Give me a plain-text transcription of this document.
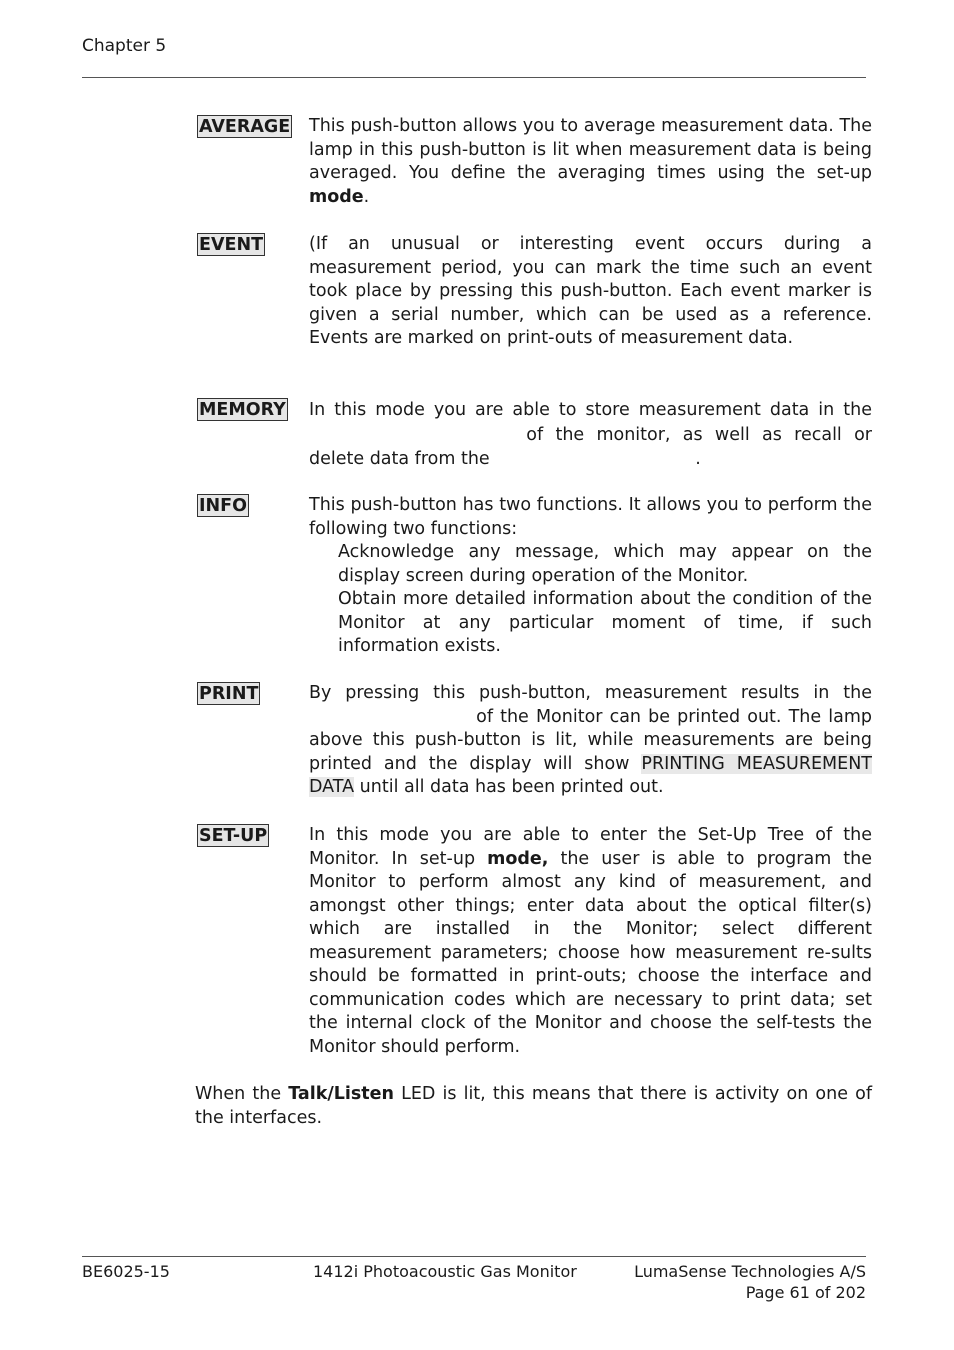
Chapter 5
AVERAGE This push-button allows you to average measurement data. The lamp in this push-button is lit when measurement data is being averaged. You define the averaging times using the set-up mode.
EVENT	(If an unusual or interesting event occurs during a measurement period, you can mark the time such an event took place by pressing this push-button. Each event marker is given a serial number, which can be used as a reference. Events are marked on print-outs of measurement data.
MEMORY In this mode you are able to store measurement data in the  of the monitor, as well as recall or delete data from the	.
INFO	This push-button has two functions. It allows you to perform the following two functions:

Acknowledge any message, which may appear on the display screen during operation of the Monitor.

Obtain more detailed information about the condition of the Monitor at any particular moment of time, if such information exists.

PRINT	By pressing this push-button, measurement results in the  of the Monitor can be printed out. The lamp above this push-button is lit, while measurements are being printed and the display will show PRINTING MEASUREMENT DATA until all data has been printed out.
SET-UP In this mode you are able to enter the Set-Up Tree of the Monitor. In set-up mode, the user is able to program the Monitor to perform almost any kind of measurement, and amongst other things; enter data about the optical filter(s) which are installed in the Monitor; select different measurement parameters; choose how measurement re-sults should be formatted in print-outs; choose the interface and communication codes which are necessary to print data; set the internal clock of the Monitor and choose the self-tests the Monitor should perform.
When the Talk/Listen LED is lit, this means that there is activity on one of the interfaces.
BE6025-15	1412i Photoacoustic Gas Monitor	LumaSense Technologies A/S
Page 61 of 202
